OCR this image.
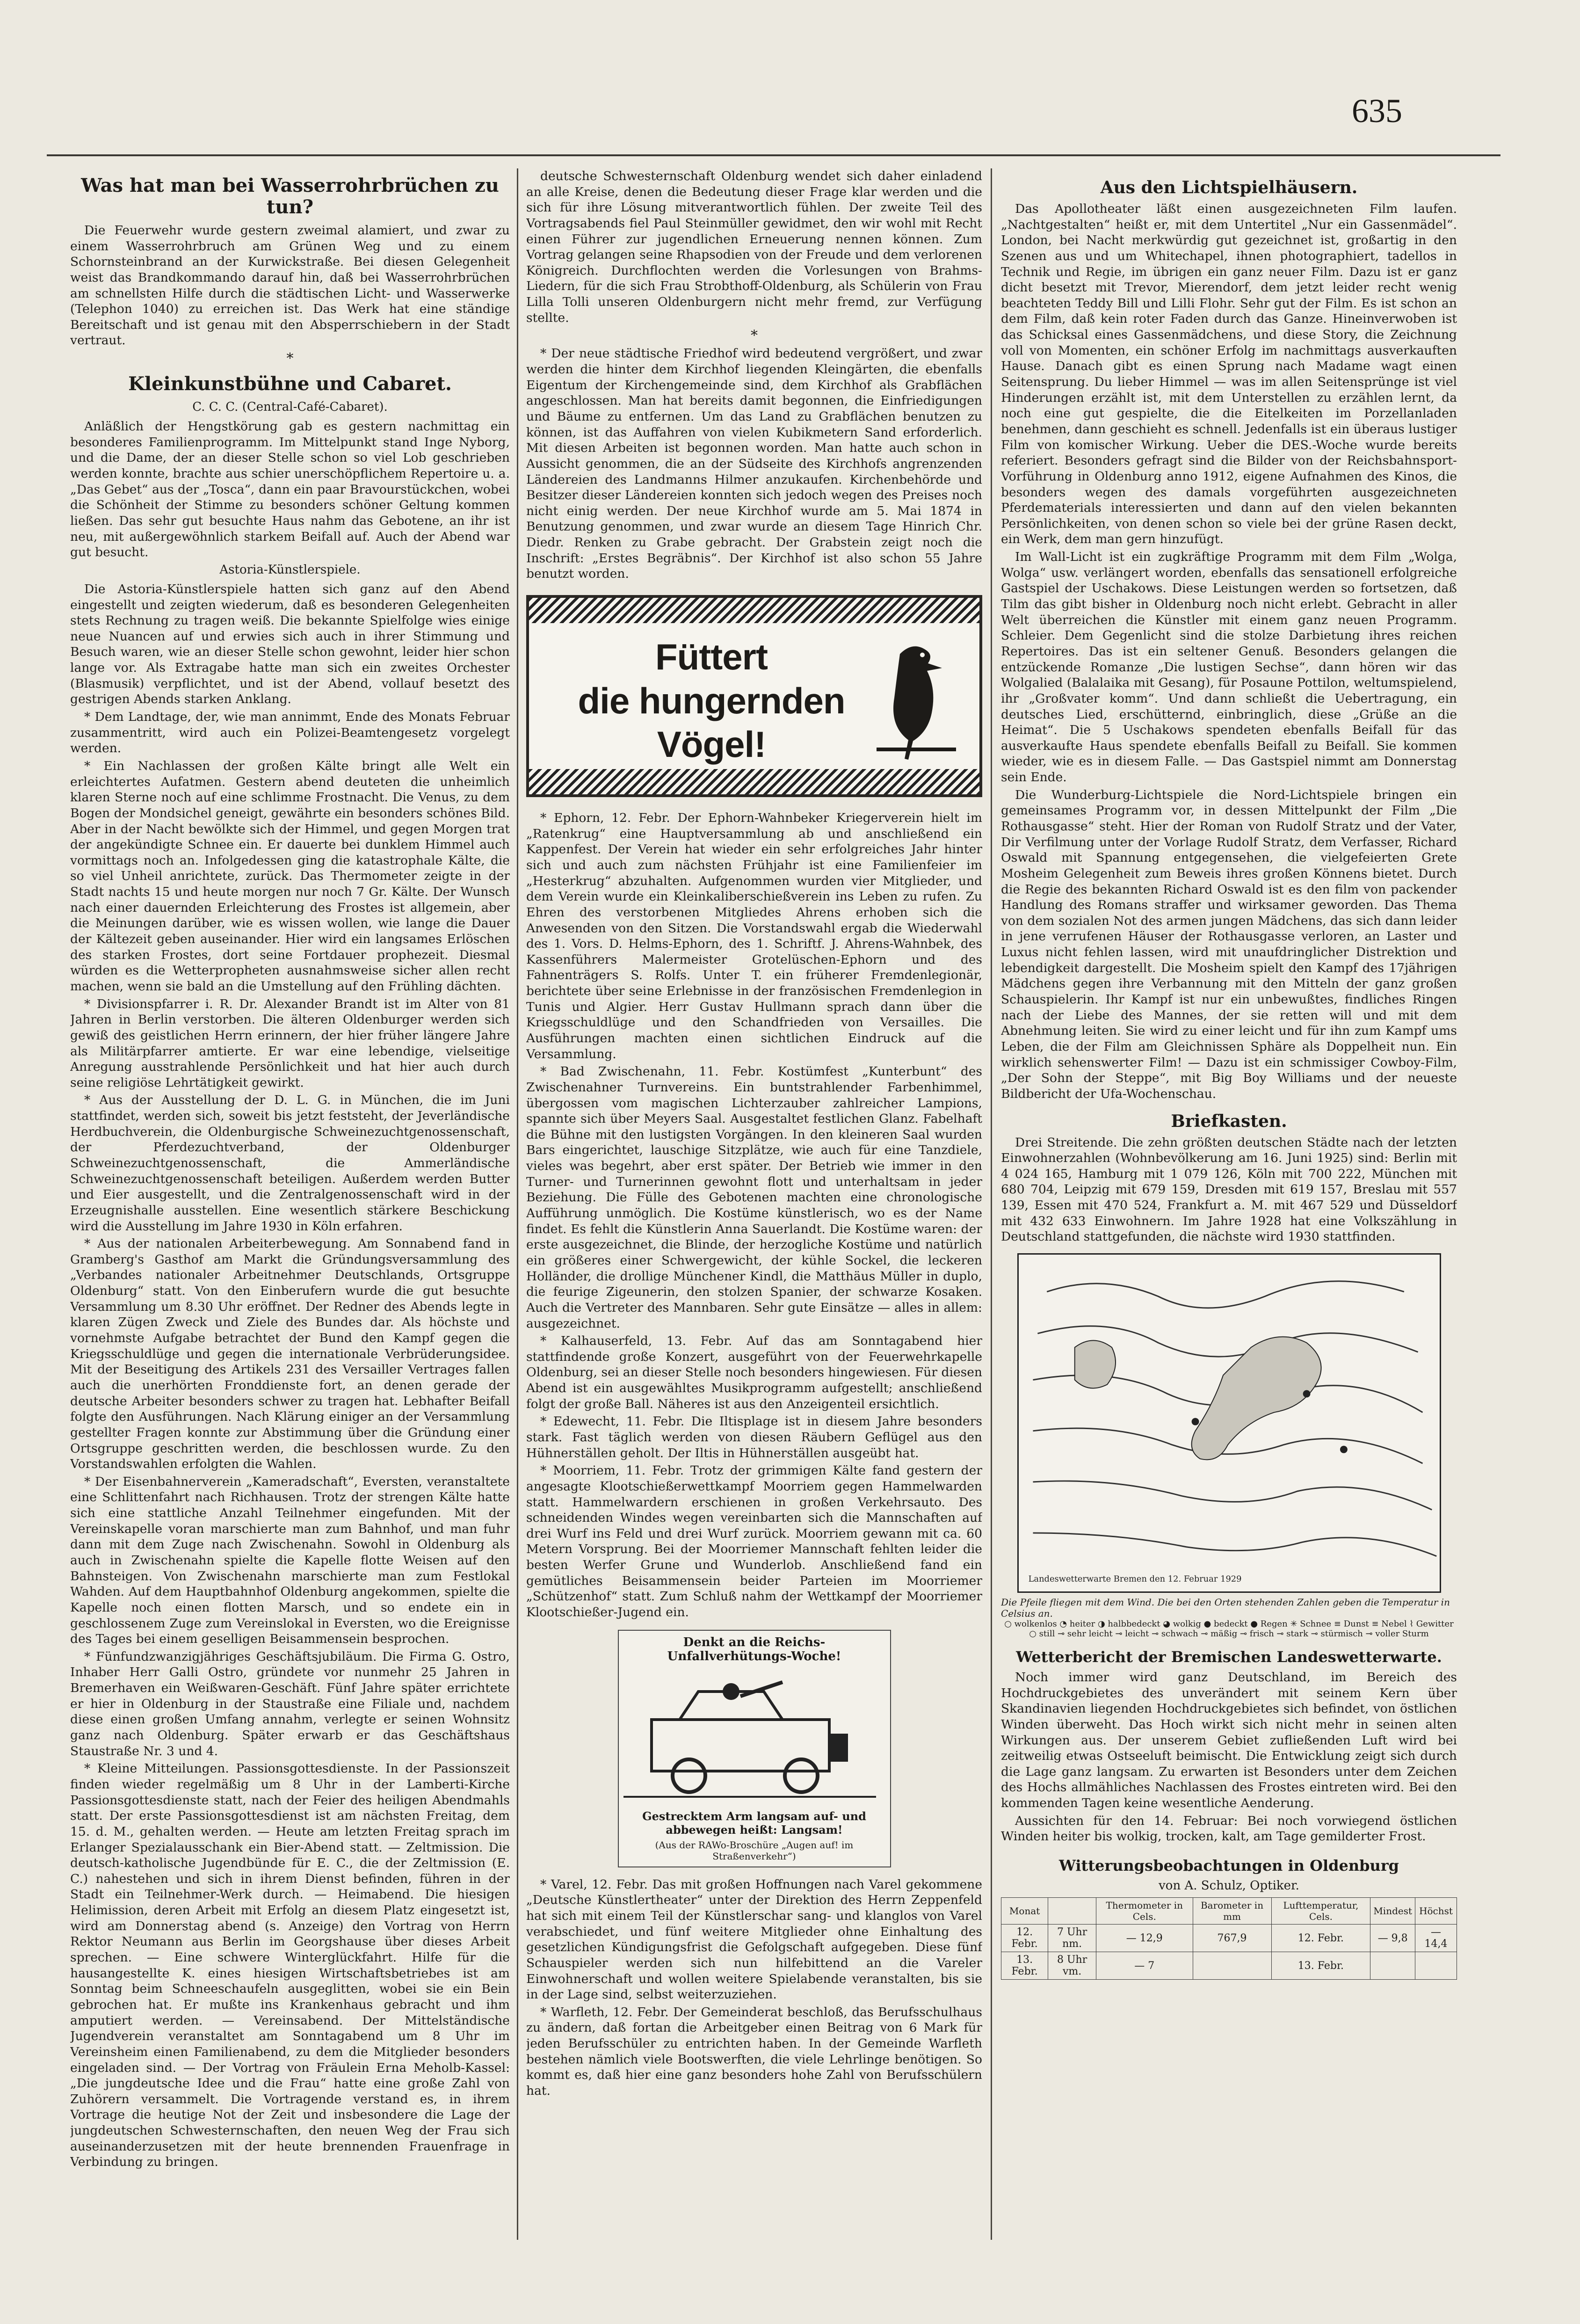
635
Was hat man bei Wasserrohrbrüchen zu tun?

Die Feuerwehr wurde gestern zweimal alamiert, und zwar zu einem Wasserrohrbruch am Grünen Weg und zu einem Schornsteinbrand an der Kurwickstraße. Bei diesen Gelegenheit weist das Brandkommando darauf hin, daß bei Wasserrohrbrüchen am schnellsten Hilfe durch die städtischen Licht- und Wasserwerke (Telephon 1040) zu erreichen ist. Das Werk hat eine ständige Bereitschaft und ist genau mit den Absperrschiebern in der Stadt vertraut.

*
Kleinkunstbühne und Cabaret.

C. C. C. (Central-Café-Cabaret).

Anläßlich der Hengstkörung gab es gestern nachmittag ein besonderes Familienprogramm. Im Mittelpunkt stand Inge Nyborg, und die Dame, der an dieser Stelle schon so viel Lob geschrieben werden konnte, brachte aus schier unerschöpflichem Repertoire u. a. „Das Gebet“ aus der „Tosca“, dann ein paar Bravourstückchen, wobei die Schönheit der Stimme zu besonders schöner Geltung kommen ließen. Das sehr gut besuchte Haus nahm das Gebotene, an ihr ist neu, mit außergewöhnlich starkem Beifall auf. Auch der Abend war gut besucht.

Astoria-Künstlerspiele.

Die Astoria-Künstlerspiele hatten sich ganz auf den Abend eingestellt und zeigten wiederum, daß es besonderen Gelegenheiten stets Rechnung zu tragen weiß. Die bekannte Spielfolge wies einige neue Nuancen auf und erwies sich auch in ihrer Stimmung und Besuch waren, wie an dieser Stelle schon gewohnt, leider hier schon lange vor. Als Extragabe hatte man sich ein zweites Orchester (Blasmusik) verpflichtet, und ist der Abend, vollauf besetzt des gestrigen Abends starken Anklang.

* Dem Landtage, der, wie man annimmt, Ende des Monats Februar zusammentritt, wird auch ein Polizei-Beamtengesetz vorgelegt werden.

* Ein Nachlassen der großen Kälte bringt alle Welt ein erleichtertes Aufatmen. Gestern abend deuteten die unheimlich klaren Sterne noch auf eine schlimme Frostnacht. Die Venus, zu dem Bogen der Mondsichel geneigt, gewährte ein besonders schönes Bild. Aber in der Nacht bewölkte sich der Himmel, und gegen Morgen trat der angekündigte Schnee ein. Er dauerte bei dunklem Himmel auch vormittags noch an. Infolgedessen ging die katastrophale Kälte, die so viel Unheil anrichtete, zurück. Das Thermometer zeigte in der Stadt nachts 15 und heute morgen nur noch 7 Gr. Kälte. Der Wunsch nach einer dauernden Erleichterung des Frostes ist allgemein, aber die Meinungen darüber, wie es wissen wollen, wie lange die Dauer der Kältezeit geben auseinander. Hier wird ein langsames Erlöschen des starken Frostes, dort seine Fortdauer prophezeit. Diesmal würden es die Wetterpropheten ausnahmsweise sicher allen recht machen, wenn sie bald an die Umstellung auf den Frühling dächten.

* Divisionspfarrer i. R. Dr. Alexander Brandt ist im Alter von 81 Jahren in Berlin verstorben. Die älteren Oldenburger werden sich gewiß des geistlichen Herrn erinnern, der hier früher längere Jahre als Militärpfarrer amtierte. Er war eine lebendige, vielseitige Anregung ausstrahlende Persönlichkeit und hat hier auch durch seine religiöse Lehrtätigkeit gewirkt.

* Aus der Ausstellung der D. L. G. in München, die im Juni stattfindet, werden sich, soweit bis jetzt feststeht, der Jeverländische Herdbuchverein, die Oldenburgische Schweinezuchtgenossenschaft, der Pferdezuchtverband, der Oldenburger Schweinezuchtgenossenschaft, die Ammerländische Schweinezuchtgenossenschaft beteiligen. Außerdem werden Butter und Eier ausgestellt, und die Zentralgenossenschaft wird in der Erzeugnishalle ausstellen. Eine wesentlich stärkere Beschickung wird die Ausstellung im Jahre 1930 in Köln erfahren.

* Aus der nationalen Arbeiterbewegung. Am Sonnabend fand in Gramberg's Gasthof am Markt die Gründungsversammlung des „Verbandes nationaler Arbeitnehmer Deutschlands, Ortsgruppe Oldenburg“ statt. Von den Einberufern wurde die gut besuchte Versammlung um 8.30 Uhr eröffnet. Der Redner des Abends legte in klaren Zügen Zweck und Ziele des Bundes dar. Als höchste und vornehmste Aufgabe betrachtet der Bund den Kampf gegen die Kriegsschuldlüge und gegen die internationale Verbrüderungsidee. Mit der Beseitigung des Artikels 231 des Versailler Vertrages fallen auch die unerhörten Fronddienste fort, an denen gerade der deutsche Arbeiter besonders schwer zu tragen hat. Lebhafter Beifall folgte den Ausführungen. Nach Klärung einiger an der Versammlung gestellter Fragen konnte zur Abstimmung über die Gründung einer Ortsgruppe geschritten werden, die beschlossen wurde. Zu den Vorstandswahlen erfolgten die Wahlen.

* Der Eisenbahnerverein „Kameradschaft“, Eversten, veranstaltete eine Schlittenfahrt nach Richhausen. Trotz der strengen Kälte hatte sich eine stattliche Anzahl Teilnehmer eingefunden. Mit der Vereinskapelle voran marschierte man zum Bahnhof, und man fuhr dann mit dem Zuge nach Zwischenahn. Sowohl in Oldenburg als auch in Zwischenahn spielte die Kapelle flotte Weisen auf den Bahnsteigen. Von Zwischenahn marschierte man zum Festlokal Wahden. Auf dem Hauptbahnhof Oldenburg angekommen, spielte die Kapelle noch einen flotten Marsch, und so endete ein in geschlossenem Zuge zum Vereinslokal in Eversten, wo die Ereignisse des Tages bei einem geselligen Beisammensein besprochen.

* Fünfundzwanzigjähriges Geschäftsjubiläum. Die Firma G. Ostro, Inhaber Herr Galli Ostro, gründete vor nunmehr 25 Jahren in Bremerhaven ein Weißwaren-Geschäft. Fünf Jahre später errichtete er hier in Oldenburg in der Staustraße eine Filiale und, nachdem diese einen großen Umfang annahm, verlegte er seinen Wohnsitz ganz nach Oldenburg. Später erwarb er das Geschäftshaus Staustraße Nr. 3 und 4.

* Kleine Mitteilungen. Passionsgottesdienste. In der Passionszeit finden wieder regelmäßig um 8 Uhr in der Lamberti-Kirche Passionsgottesdienste statt, nach der Feier des heiligen Abendmahls statt. Der erste Passionsgottesdienst ist am nächsten Freitag, dem 15. d. M., gehalten werden. — Heute am letzten Freitag sprach im Erlanger Spezialausschank ein Bier-Abend statt. — Zeltmission. Die deutsch-katholische Jugendbünde für E. C., die der Zeltmission (E. C.) nahestehen und sich in ihrem Dienst befinden, führen in der Stadt ein Teilnehmer-Werk durch. — Heimabend. Die hiesigen Helimission, deren Arbeit mit Erfolg an diesem Platz eingesetzt ist, wird am Donnerstag abend (s. Anzeige) den Vortrag von Herrn Rektor Neumann aus Berlin im Georgshause über dieses Arbeit sprechen. — Eine schwere Winterglückfahrt. Hilfe für die hausangestellte K. eines hiesigen Wirtschaftsbetriebes ist am Sonntag beim Schneeschaufeln ausgeglitten, wobei sie ein Bein gebrochen hat. Er mußte ins Krankenhaus gebracht und ihm amputiert werden. — Vereinsabend. Der Mittelständische Jugendverein veranstaltet am Sonntagabend um 8 Uhr im Vereinsheim einen Familienabend, zu dem die Mitglieder besonders eingeladen sind. — Der Vortrag von Fräulein Erna Meholb-Kassel: „Die jungdeutsche Idee und die Frau“ hatte eine große Zahl von Zuhörern versammelt. Die Vortragende verstand es, in ihrem Vortrage die heutige Not der Zeit und insbesondere die Lage der jungdeutschen Schwesternschaften, den neuen Weg der Frau sich auseinanderzusetzen mit der heute brennenden Frauenfrage in Verbindung zu bringen.

deutsche Schwesternschaft Oldenburg wendet sich daher einladend an alle Kreise, denen die Bedeutung dieser Frage klar werden und die sich für ihre Lösung mitverantwortlich fühlen. Der zweite Teil des Vortragsabends fiel Paul Steinmüller gewidmet, den wir wohl mit Recht einen Führer zur jugendlichen Erneuerung nennen können. Zum Vortrag gelangen seine Rhapsodien von der Freude und dem verlorenen Königreich. Durchflochten werden die Vorlesungen von Brahms-Liedern, für die sich Frau Strobthoff-Oldenburg, als Schülerin von Frau Lilla Tolli unseren Oldenburgern nicht mehr fremd, zur Verfügung stellte.

*

* Der neue städtische Friedhof wird bedeutend vergrößert, und zwar werden die hinter dem Kirchhof liegenden Kleingärten, die ebenfalls Eigentum der Kirchengemeinde sind, dem Kirchhof als Grabflächen angeschlossen. Man hat bereits damit begonnen, die Einfriedigungen und Bäume zu entfernen. Um das Land zu Grabflächen benutzen zu können, ist das Auffahren von vielen Kubikmetern Sand erforderlich. Mit diesen Arbeiten ist begonnen worden. Man hatte auch schon in Aussicht genommen, die an der Südseite des Kirchhofs angrenzenden Ländereien des Landmanns Hilmer anzukaufen. Kirchenbehörde und Besitzer dieser Ländereien konnten sich jedoch wegen des Preises noch nicht einig werden. Der neue Kirchhof wurde am 5. Mai 1874 in Benutzung genommen, und zwar wurde an diesem Tage Hinrich Chr. Diedr. Renken zu Grabe gebracht. Der Grabstein zeigt noch die Inschrift: „Erstes Begräbnis“. Der Kirchhof ist also schon 55 Jahre benutzt worden.

Füttert
die hungernden Vögel!

* Ephorn, 12. Febr. Der Ephorn-Wahnbeker Kriegerverein hielt im „Ratenkrug“ eine Hauptversammlung ab und anschließend ein Kappenfest. Der Verein hat wieder ein sehr erfolgreiches Jahr hinter sich und auch zum nächsten Frühjahr ist eine Familienfeier im „Hesterkrug“ abzuhalten. Aufgenommen wurden vier Mitglieder, und dem Verein wurde ein Kleinkaliberschießverein ins Leben zu rufen. Zu Ehren des verstorbenen Mitgliedes Ahrens erhoben sich die Anwesenden von den Sitzen. Die Vorstandswahl ergab die Wiederwahl des 1. Vors. D. Helms-Ephorn, des 1. Schriftf. J. Ahrens-Wahnbek, des Kassenführers Malermeister Grotelüschen-Ephorn und des Fahnenträgers S. Rolfs. Unter T. ein früherer Fremdenlegionär, berichtete über seine Erlebnisse in der französischen Fremdenlegion in Tunis und Algier. Herr Gustav Hullmann sprach dann über die Kriegsschuldlüge und den Schandfrieden von Versailles. Die Ausführungen machten einen sichtlichen Eindruck auf die Versammlung.

* Bad Zwischenahn, 11. Febr. Kostümfest „Kunterbunt“ des Zwischenahner Turnvereins. Ein buntstrahlender Farbenhimmel, übergossen vom magischen Lichterzauber zahlreicher Lampions, spannte sich über Meyers Saal. Ausgestaltet festlichen Glanz. Fabelhaft die Bühne mit den lustigsten Vorgängen. In den kleineren Saal wurden Bars eingerichtet, lauschige Sitzplätze, wie auch für eine Tanzdiele, vieles was begehrt, aber erst später. Der Betrieb wie immer in den Turner- und Turnerinnen gewohnt flott und unterhaltsam in jeder Beziehung. Die Fülle des Gebotenen machten eine chronologische Aufführung unmöglich. Die Kostüme künstlerisch, wo es der Name findet. Es fehlt die Künstlerin Anna Sauerlandt. Die Kostüme waren: der erste ausgezeichnet, die Blinde, der herzogliche Kostüme und natürlich ein größeres einer Schwergewicht, der kühle Sockel, die leckeren Holländer, die drollige Münchener Kindl, die Matthäus Müller in duplo, die feurige Zigeunerin, den stolzen Spanier, der schwarze Kosaken. Auch die Vertreter des Mannbaren. Sehr gute Einsätze — alles in allem: ausgezeichnet.

* Kalhauserfeld, 13. Febr. Auf das am Sonntagabend hier stattfindende große Konzert, ausgeführt von der Feuerwehrkapelle Oldenburg, sei an dieser Stelle noch besonders hingewiesen. Für diesen Abend ist ein ausgewähltes Musikprogramm aufgestellt; anschließend folgt der große Ball. Näheres ist aus den Anzeigenteil ersichtlich.

* Edewecht, 11. Febr. Die Iltisplage ist in diesem Jahre besonders stark. Fast täglich werden von diesen Räubern Geflügel aus den Hühnerställen geholt. Der Iltis in Hühnerställen ausgeübt hat.

* Moorriem, 11. Febr. Trotz der grimmigen Kälte fand gestern der angesagte Klootschießerwettkampf Moorriem gegen Hammelwarden statt. Hammelwardern erschienen in großen Verkehrsauto. Des schneidenden Windes wegen vereinbarten sich die Mannschaften auf drei Wurf ins Feld und drei Wurf zurück. Moorriem gewann mit ca. 60 Metern Vorsprung. Bei der Moorriemer Mannschaft fehlten leider die besten Werfer Grune und Wunderlob. Anschließend fand ein gemütliches Beisammensein beider Parteien im Moorriemer „Schützenhof“ statt. Zum Schluß nahm der Wettkampf der Moorriemer Klootschießer-Jugend ein.

Denkt an die Reichs-Unfallverhütungs-Woche!
Gestrecktem Arm langsam auf- und abbewegen heißt: Langsam!
(Aus der RAWo-Broschüre „Augen auf! im Straßenverkehr“)

* Varel, 12. Febr. Das mit großen Hoffnungen nach Varel gekommene „Deutsche Künstlertheater“ unter der Direktion des Herrn Zeppenfeld hat sich mit einem Teil der Künstlerschar sang- und klanglos von Varel verabschiedet, und fünf weitere Mitglieder ohne Einhaltung des gesetzlichen Kündigungsfrist die Gefolgschaft aufgegeben. Diese fünf Schauspieler werden sich nun hilfebittend an die Vareler Einwohnerschaft und wollen weitere Spielabende veranstalten, bis sie in der Lage sind, selbst weiterzuziehen.

* Warfleth, 12. Febr. Der Gemeinderat beschloß, das Berufsschulhaus zu ändern, daß fortan die Arbeitgeber einen Beitrag von 6 Mark für jeden Berufsschüler zu entrichten haben. In der Gemeinde Warfleth bestehen nämlich viele Bootswerften, die viele Lehrlinge benötigen. So kommt es, daß hier eine ganz besonders hohe Zahl von Berufsschülern hat.

Aus den Lichtspielhäusern.

Das Apollotheater läßt einen ausgezeichneten Film laufen. „Nachtgestalten“ heißt er, mit dem Untertitel „Nur ein Gassenmädel“. London, bei Nacht merkwürdig gut gezeichnet ist, großartig in den Szenen aus und um Whitechapel, ihnen photographiert, tadellos in Technik und Regie, im übrigen ein ganz neuer Film. Dazu ist er ganz dicht besetzt mit Trevor, Mierendorf, dem jetzt leider recht wenig beachteten Teddy Bill und Lilli Flohr. Sehr gut der Film. Es ist schon an dem Film, daß kein roter Faden durch das Ganze. Hineinverwoben ist das Schicksal eines Gassenmädchens, und diese Story, die Zeichnung voll von Momenten, ein schöner Erfolg im nachmittags ausverkauften Hause. Danach gibt es einen Sprung nach Madame wagt einen Seitensprung. Du lieber Himmel — was im allen Seitensprünge ist viel Hinderungen erzählt ist, mit dem Unterstellen zu erzählen lernt, da noch eine gut gespielte, die die Eitelkeiten im Porzellanladen benehmen, dann geschieht es schnell. Jedenfalls ist ein überaus lustiger Film von komischer Wirkung. Ueber die DES.-Woche wurde bereits referiert. Besonders gefragt sind die Bilder von der Reichsbahnsport-Vorführung in Oldenburg anno 1912, eigene Aufnahmen des Kinos, die besonders wegen des damals vorgeführten ausgezeichneten Pferdematerials interessierten und dann auf den vielen bekannten Persönlichkeiten, von denen schon so viele bei der grüne Rasen deckt, ein Werk, dem man gern hinzufügt.

Im Wall-Licht ist ein zugkräftige Programm mit dem Film „Wolga, Wolga“ usw. verlängert worden, ebenfalls das sensationell erfolgreiche Gastspiel der Uschakows. Diese Leistungen werden so fortsetzen, daß Tilm das gibt bisher in Oldenburg noch nicht erlebt. Gebracht in aller Welt überreichen die Künstler mit einem ganz neuen Programm. Schleier. Dem Gegenlicht sind die stolze Darbietung ihres reichen Repertoires. Das ist ein seltener Genuß. Besonders gelangen die entzückende Romanze „Die lustigen Sechse“, dann hören wir das Wolgalied (Balalaika mit Gesang), für Posaune Pottilon, weltumspielend, ihr „Großvater komm“. Und dann schließt die Uebertragung, ein deutsches Lied, erschütternd, einbringlich, diese „Grüße an die Heimat“. Die 5 Uschakows spendeten ebenfalls Beifall für das ausverkaufte Haus spendete ebenfalls Beifall zu Beifall. Sie kommen wieder, wie es in diesem Falle. — Das Gastspiel nimmt am Donnerstag sein Ende.

Die Wunderburg-Lichtspiele die Nord-Lichtspiele bringen ein gemeinsames Programm vor, in dessen Mittelpunkt der Film „Die Rothausgasse“ steht. Hier der Roman von Rudolf Stratz und der Vater, Dir Verfilmung unter der Vorlage Rudolf Stratz, dem Verfasser, Richard Oswald mit Spannung entgegensehen, die vielgefeierten Grete Mosheim Gelegenheit zum Beweis ihres großen Könnens bietet. Durch die Regie des bekannten Richard Oswald ist es den film von packender Handlung des Romans straffer und wirksamer geworden. Das Thema von dem sozialen Not des armen jungen Mädchens, das sich dann leider in jene verrufenen Häuser der Rothausgasse verloren, an Laster und Luxus nicht fehlen lassen, wird mit unaufdringlicher Distrektion und lebendigkeit dargestellt. Die Mosheim spielt den Kampf des 17jährigen Mädchens gegen ihre Verbannung mit den Mitteln der ganz großen Schauspielerin. Ihr Kampf ist nur ein unbewußtes, findliches Ringen nach der Liebe des Mannes, der sie retten will und mit dem Abnehmung leiten. Sie wird zu einer leicht und für ihn zum Kampf ums Leben, die der Film am Gleichnissen Sphäre als Doppelheit nun. Ein wirklich sehenswerter Film! — Dazu ist ein schmissiger Cowboy-Film, „Der Sohn der Steppe“, mit Big Boy Williams und der neueste Bildbericht der Ufa-Wochenschau.

Briefkasten.

Drei Streitende. Die zehn größten deutschen Städte nach der letzten Einwohnerzahlen (Wohnbevölkerung am 16. Juni 1925) sind: Berlin mit 4 024 165, Hamburg mit 1 079 126, Köln mit 700 222, München mit 680 704, Leipzig mit 679 159, Dresden mit 619 157, Breslau mit 557 139, Essen mit 470 524, Frankfurt a. M. mit 467 529 und Düsseldorf mit 432 633 Einwohnern. Im Jahre 1928 hat eine Volkszählung in Deutschland stattgefunden, die nächste wird 1930 stattfinden.

Landeswetterwarte Bremen den 12. Februar 1929
Die Pfeile fliegen mit dem Wind. Die bei den Orten stehenden Zahlen geben die Temperatur in Celsius an.
○ wolkenlos ◔ heiter ◑ halbbedeckt ◕ wolkig ● bedeckt ● Regen ✳ Schnee ≡ Dunst ≡ Nebel ⌇ Gewitter ○ still ⊸ sehr leicht ⊸ leicht ⊸ schwach ⊸ mäßig ⊸ frisch ⊸ stark ⊸ stürmisch ⊸ voller Sturm
Wetterbericht der Bremischen Landeswetterwarte.

Noch immer wird ganz Deutschland, im Bereich des Hochdruckgebietes des unverändert mit seinem Kern über Skandinavien liegenden Hochdruckgebietes sich befindet, von östlichen Winden überweht. Das Hoch wirkt sich nicht mehr in seinen alten Wirkungen aus. Der unserem Gebiet zufließenden Luft wird bei zeitweilig etwas Ostseeluft beimischt. Die Entwicklung zeigt sich durch die Lage ganz langsam. Zu erwarten ist Besonders unter dem Zeichen des Hochs allmähliches Nachlassen des Frostes eintreten wird. Bei den kommenden Tagen keine wesentliche Aenderung.

Aussichten für den 14. Februar: Bei noch vorwiegend östlichen Winden heiter bis wolkig, trocken, kalt, am Tage gemilderter Frost.

Witterungsbeobachtungen in Oldenburg

von A. Schulz, Optiker.

Monat		Thermometer in Cels.	Barometer in mm	Lufttemperatur, Cels.	Mindest	Höchst
12. Febr.	7 Uhr nm.	— 12,9	767,9	12. Febr.	— 9,8	— 14,4
13. Febr.	8 Uhr vm.	— 7		13. Febr.		
